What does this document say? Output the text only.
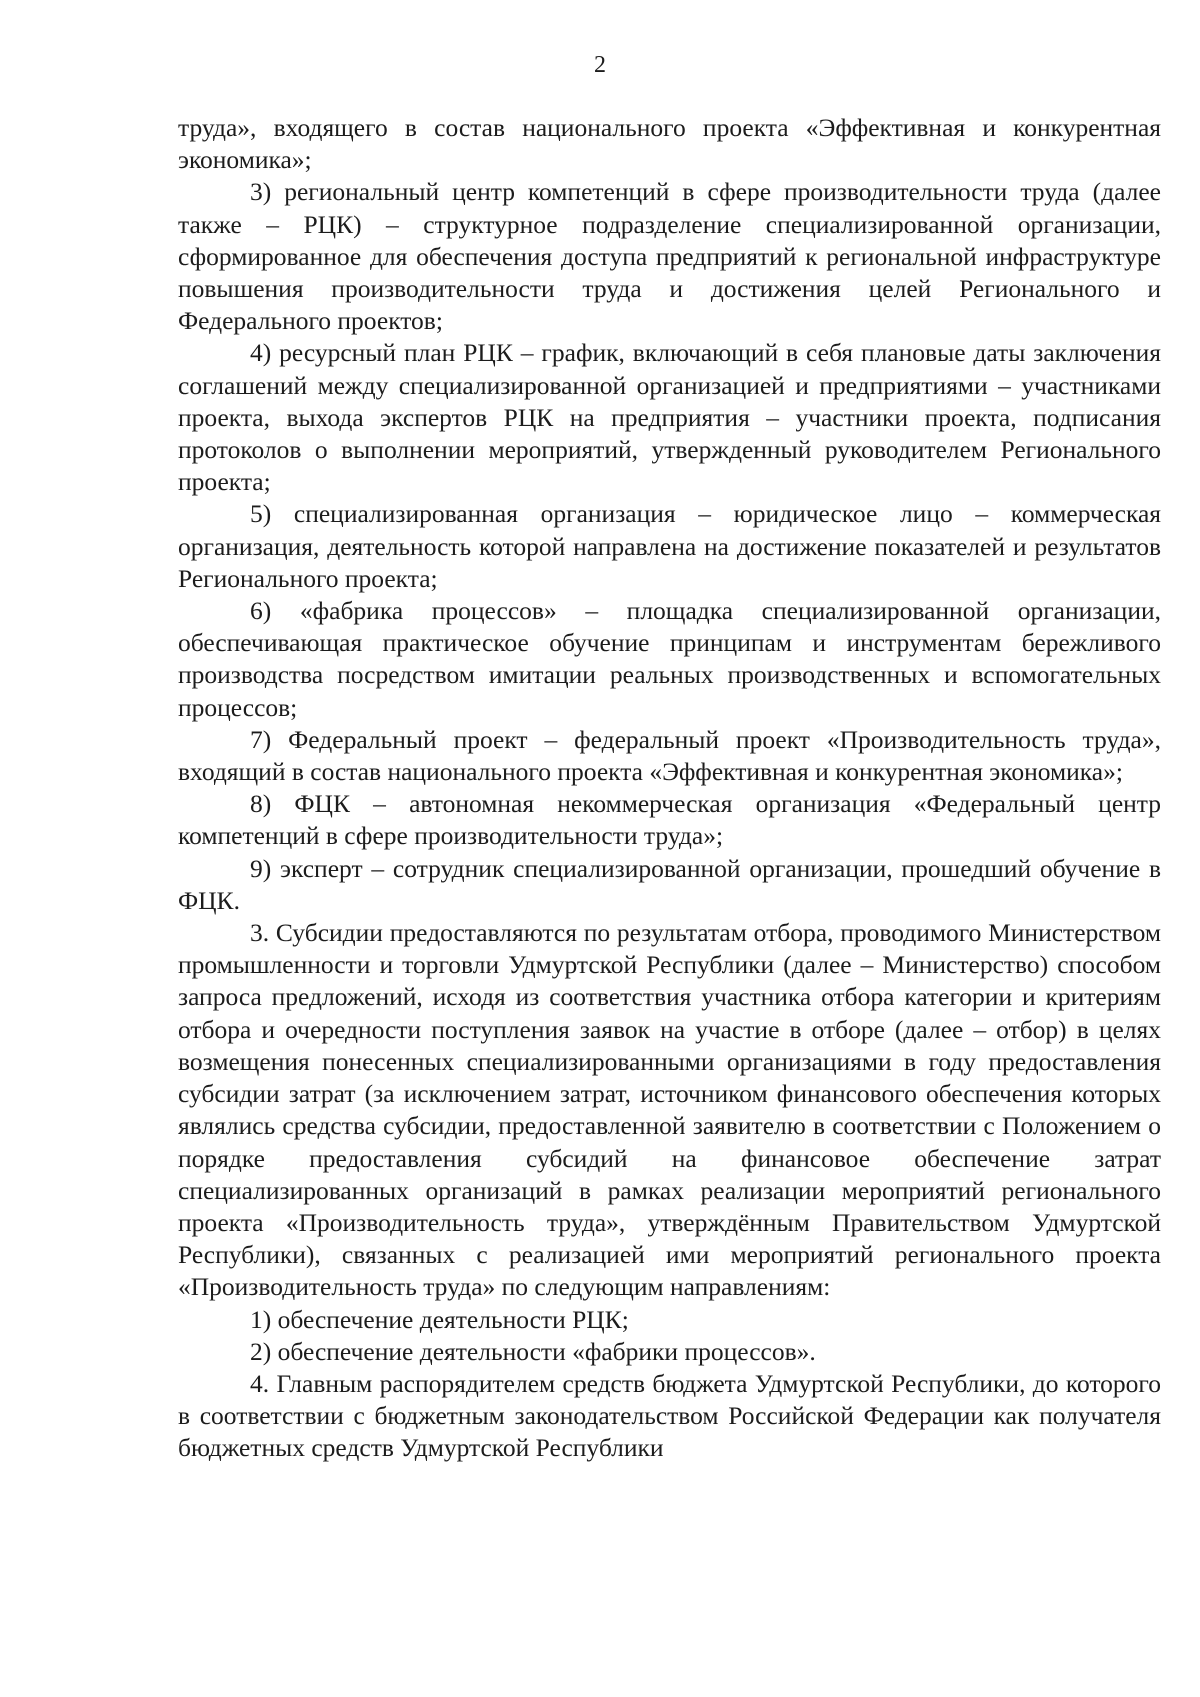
2

труда», входящего в состав национального проекта «Эффективная и конкурентная экономика»;

3) региональный центр компетенций в сфере производительности труда (далее также – РЦК) – структурное подразделение специализированной организации, сформированное для обеспечения доступа предприятий к региональной инфраструктуре повышения производительности труда и достижения целей Регионального и Федерального проектов;

4) ресурсный план РЦК – график, включающий в себя плановые даты заключения соглашений между специализированной организацией и предприятиями – участниками проекта, выхода экспертов РЦК на предприятия – участники проекта, подписания протоколов о выполнении мероприятий, утвержденный руководителем Регионального проекта;

5) специализированная организация – юридическое лицо – коммерческая организация, деятельность которой направлена на достижение показателей и результатов Регионального проекта;

6) «фабрика процессов» – площадка специализированной организации, обеспечивающая практическое обучение принципам и инструментам бережливого производства посредством имитации реальных производственных и вспомогательных процессов;

7) Федеральный проект – федеральный проект «Производительность труда», входящий в состав национального проекта «Эффективная и конкурентная экономика»;

8) ФЦК – автономная некоммерческая организация «Федеральный центр компетенций в сфере производительности труда»;

9) эксперт – сотрудник специализированной организации, прошедший обучение в ФЦК.

3. Субсидии предоставляются по результатам отбора, проводимого Министерством промышленности и торговли Удмуртской Республики (далее – Министерство) способом запроса предложений, исходя из соответствия участника отбора категории и критериям отбора и очередности поступления заявок на участие в отборе (далее – отбор) в целях возмещения понесенных специализированными организациями в году предоставления субсидии затрат (за исключением затрат, источником финансового обеспечения которых являлись средства субсидии, предоставленной заявителю в соответствии с Положением о порядке предоставления субсидий на финансовое обеспечение затрат специализированных организаций в рамках реализации мероприятий регионального проекта «Производительность труда», утверждённым Правительством Удмуртской Республики), связанных с реализацией ими мероприятий регионального проекта «Производительность труда» по следующим направлениям:

1) обеспечение деятельности РЦК;

2) обеспечение деятельности «фабрики процессов».

4. Главным распорядителем средств бюджета Удмуртской Республики, до которого в соответствии с бюджетным законодательством Российской Федерации как получателя бюджетных средств Удмуртской Республики
